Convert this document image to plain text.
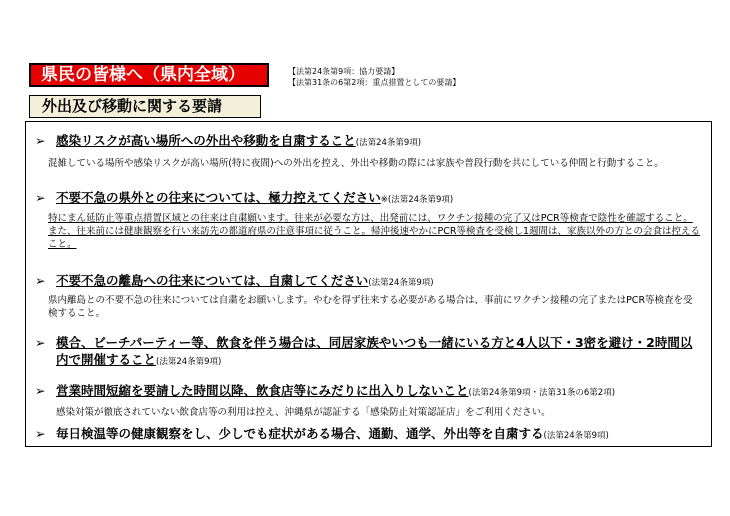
県民の皆様へ（県内全域）	【法第24条第9項：協力要請】
【法第31条の6第2項：重点措置としての要請】
外出及び移動に関する要請
➢ 感染リスクが高い場所への外出や移動を自粛すること(法第24条第9項)
混雑している場所や感染リスクが高い場所(特に夜間)への外出を控え、外出や移動の際には家族や普段行動を共にしている仲間と行動すること。
➢ 不要不急の県外との往来については、極力控えてください※(法第24条第9項)
特にまん延防止等重点措置区域との往来は自粛願います。往来が必要な方は、出発前には、ワクチン接種の完了又はPCR等検査で陰性を確認すること。また、往来前には健康観察を行い来訪先の都道府県の注意事項に従うこと。帰沖後速やかにPCR等検査を受検し1週間は、家族以外の方との会食は控えること。
➢ 不要不急の離島への往来については、自粛してください(法第24条第9項)
県内離島との不要不急の往来については自粛をお願いします。やむを得ず往来する必要がある場合は、事前にワクチン接種の完了またはPCR等検査を受検すること。
➢ 模合、ビーチパーティー等、飲食を伴う場合は、同居家族やいつも一緒にいる方と4人以下・3密を避け・2時間以内で開催すること(法第24条第9項)
➢ 営業時間短縮を要請した時間以降、飲食店等にみだりに出入りしないこと(法第24条第9項・法第31条の6第2項)
感染対策が徹底されていない飲食店等の利用は控え、沖縄県が認証する「感染防止対策認証店」をご利用ください。
➢ 毎日検温等の健康観察をし、少しでも症状がある場合、通勤、通学、外出等を自粛する(法第24条第9項)
